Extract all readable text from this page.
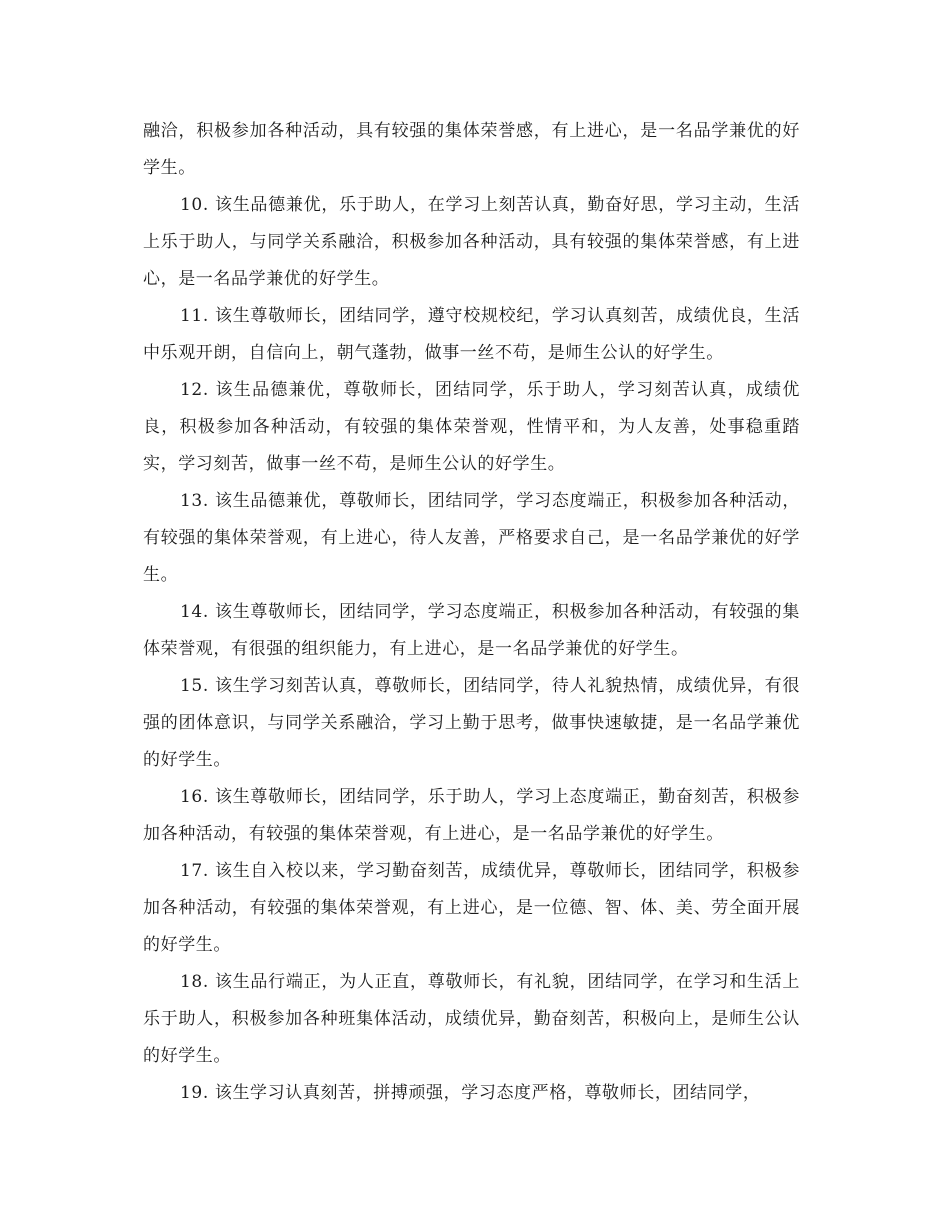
融洽，积极参加各种活动，具有较强的集体荣誉感，有上进心，是一名品学兼优的好学生。

10. 该生品德兼优，乐于助人，在学习上刻苦认真，勤奋好思，学习主动，生活上乐于助人，与同学关系融洽，积极参加各种活动，具有较强的集体荣誉感，有上进心，是一名品学兼优的好学生。

11. 该生尊敬师长，团结同学，遵守校规校纪，学习认真刻苦，成绩优良，生活中乐观开朗，自信向上，朝气蓬勃，做事一丝不苟，是师生公认的好学生。

12. 该生品德兼优，尊敬师长，团结同学，乐于助人，学习刻苦认真，成绩优良，积极参加各种活动，有较强的集体荣誉观，性情平和，为人友善，处事稳重踏实，学习刻苦，做事一丝不苟，是师生公认的好学生。

13. 该生品德兼优，尊敬师长，团结同学，学习态度端正，积极参加各种活动，有较强的集体荣誉观，有上进心，待人友善，严格要求自己，是一名品学兼优的好学生。

14. 该生尊敬师长，团结同学，学习态度端正，积极参加各种活动，有较强的集体荣誉观，有很强的组织能力，有上进心，是一名品学兼优的好学生。

15. 该生学习刻苦认真，尊敬师长，团结同学，待人礼貌热情，成绩优异，有很强的团体意识，与同学关系融洽，学习上勤于思考，做事快速敏捷，是一名品学兼优的好学生。

16. 该生尊敬师长，团结同学，乐于助人，学习上态度端正，勤奋刻苦，积极参加各种活动，有较强的集体荣誉观，有上进心，是一名品学兼优的好学生。

17. 该生自入校以来，学习勤奋刻苦，成绩优异，尊敬师长，团结同学，积极参加各种活动，有较强的集体荣誉观，有上进心，是一位德、智、体、美、劳全面开展的好学生。

18. 该生品行端正，为人正直，尊敬师长，有礼貌，团结同学，在学习和生活上乐于助人，积极参加各种班集体活动，成绩优异，勤奋刻苦，积极向上，是师生公认的好学生。

19. 该生学习认真刻苦，拼搏顽强，学习态度严格，尊敬师长，团结同学，
